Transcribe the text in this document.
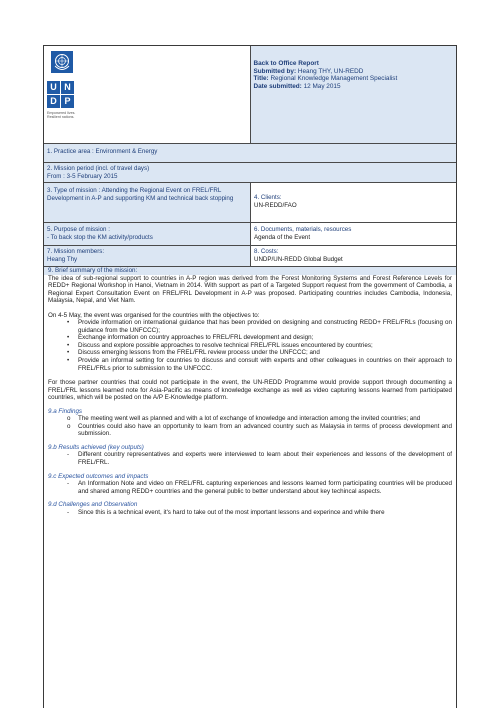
U N
D P
Empowered lives. Resilient nations.
Back to Office Report
Submitted by: Heang THY, UN-REDD
Title: Regional Knowledge Management Specialist
Date submitted: 12 May 2015
1. Practice area : Environment & Energy
2. Mission period (incl. of travel days)
From : 3-5 February 2015
3. Type of mission : Attending the Regional Event on FREL/FRL Development in A-P and supporting KM and technical back stopping	4. Clients:
UN-REDD/FAO
5. Purpose of mission :
- To back stop the KM activity/products
6. Documents, materials, resources
Agenda of the Event
7. Mission members:
Heang Thy
8. Costs:
UNDP/UN-REDD Global Budget
9. Brief summary of the mission:

The idea of sub-regional support to countries in A-P region was derived from the Forest Monitoring Systems and Forest Reference Levels for REDD+ Regional Workshop in Hanoi, Vietnam in 2014. With support as part of a Targeted Support request from the government of Cambodia, a Regional Expert Consultation Event on FREL/FRL Development in A-P was proposed. Participating countries includes Cambodia, Indonesia, Malaysia, Nepal, and Viet Nam.

On 4-5 May, the event was organised for the countries with the objectives to:

• Provide information on international guidance that has been provided on designing and constructing REDD+ FREL/FRLs (focusing on guidance from the UNFCCC);
• Exchange information on country approaches to FREL/FRL development and design;
• Discuss and explore possible approaches to resolve technical FREL/FRL issues encountered by countries;
• Discuss emerging lessons from the FREL/FRL review process under the UNFCCC; and
• Provide an informal setting for countries to discuss and consult with experts and other colleagues in countries on their approach to FREL/FRLs prior to submission to the UNFCCC.

For those partner countries that could not participate in the event, the UN-REDD Programme would provide support through documenting a FREL/FRL lessons learned note for Asia-Pacific as means of knowledge exchange as well as video capturing lessons learned from participated countries, which will be posted on the A/P E-Knowledge platform.

9.a Findings
o The meeting went well as planned and with a lot of exchange of knowledge and interaction among the invited countries; and
o Countries could also have an opportunity to learn from an advanced country such as Malaysia in terms of process development and submission.
9.b Results achieved (key outputs)
- Different country representatives and experts were interviewed to learn about their experiences and lessons of the development of FREL/FRL.
9.c Expected outcomes and impacts
- An Information Note and video on FREL/FRL capturing experiences and lessons learned form participating countries will be produced and shared among REDD+ countries and the general public to better understand about key techincal aspects.
9.d Challenges and Observation
- Since this is a technical event, it's hard to take out of the most important lessons and experince and while there
